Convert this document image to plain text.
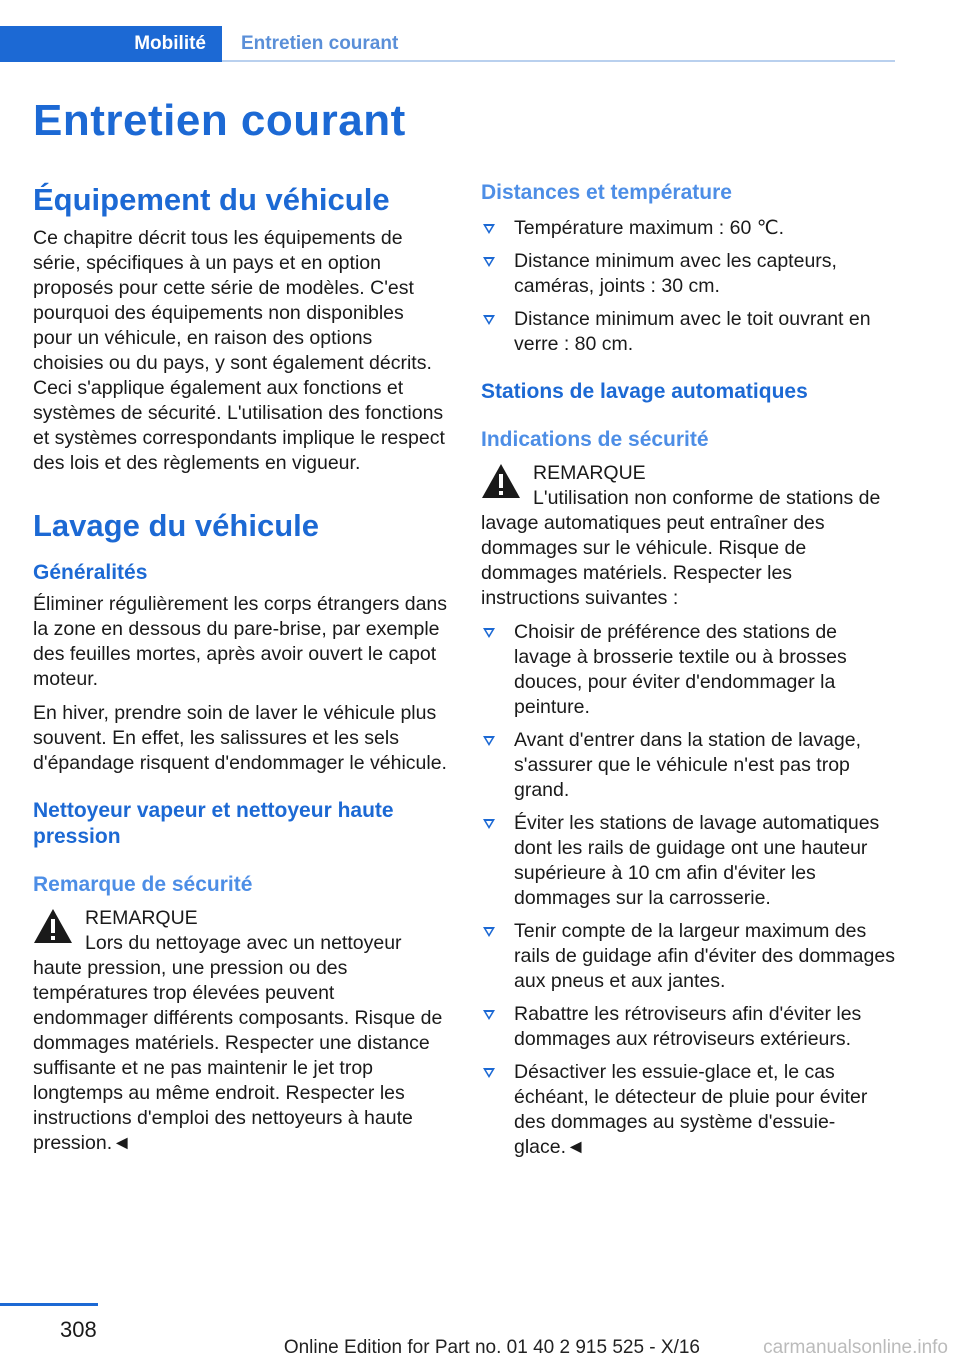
Mobilité Entretien courant
Entretien courant
Équipement du véhicule

Ce chapitre décrit tous les équipements de série, spécifiques à un pays et en option proposés pour cette série de modèles. C'est pourquoi des équipements non disponibles pour un véhicule, en raison des options choisies ou du pays, y sont également décrits. Ceci s'applique également aux fonctions et systèmes de sécurité. L'utilisation des fonctions et systèmes correspondants implique le respect des lois et des règlements en vigueur.

Lavage du véhicule
Généralités

Éliminer régulièrement les corps étrangers dans la zone en dessous du pare-brise, par exemple des feuilles mortes, après avoir ouvert le capot moteur.

En hiver, prendre soin de laver le véhicule plus souvent. En effet, les salissures et les sels d'épandage risquent d'endommager le véhicule.

Nettoyeur vapeur et nettoyeur haute pression
Remarque de sécurité
REMARQUE
Lors du nettoyage avec un nettoyeur haute pression, une pression ou des températures trop élevées peuvent endommager différents composants. Risque de dommages matériels. Respecter une distance suffisante et ne pas maintenir le jet trop longtemps au même endroit. Respecter les instructions d'emploi des nettoyeurs à haute pression.◄
Distances et température
Température maximum : 60 ℃.
Distance minimum avec les capteurs, caméras, joints : 30 cm.
Distance minimum avec le toit ouvrant en verre : 80 cm.
Stations de lavage automatiques
Indications de sécurité
REMARQUE
L'utilisation non conforme de stations de lavage automatiques peut entraîner des dommages sur le véhicule. Risque de dommages matériels. Respecter les instructions suivantes :
Choisir de préférence des stations de lavage à brosserie textile ou à brosses douces, pour éviter d'endommager la peinture.
Avant d'entrer dans la station de lavage, s'assurer que le véhicule n'est pas trop grand.
Éviter les stations de lavage automatiques dont les rails de guidage ont une hauteur supérieure à 10 cm afin d'éviter les dommages sur la carrosserie.
Tenir compte de la largeur maximum des rails de guidage afin d'éviter des dommages aux pneus et aux jantes.
Rabattre les rétroviseurs afin d'éviter les dommages aux rétroviseurs extérieurs.
Désactiver les essuie-glace et, le cas échéant, le détecteur de pluie pour éviter des dommages au système d'essuie-glace.◄
308
Online Edition for Part no. 01 40 2 915 525 - X/16	carmanualsonline.info
